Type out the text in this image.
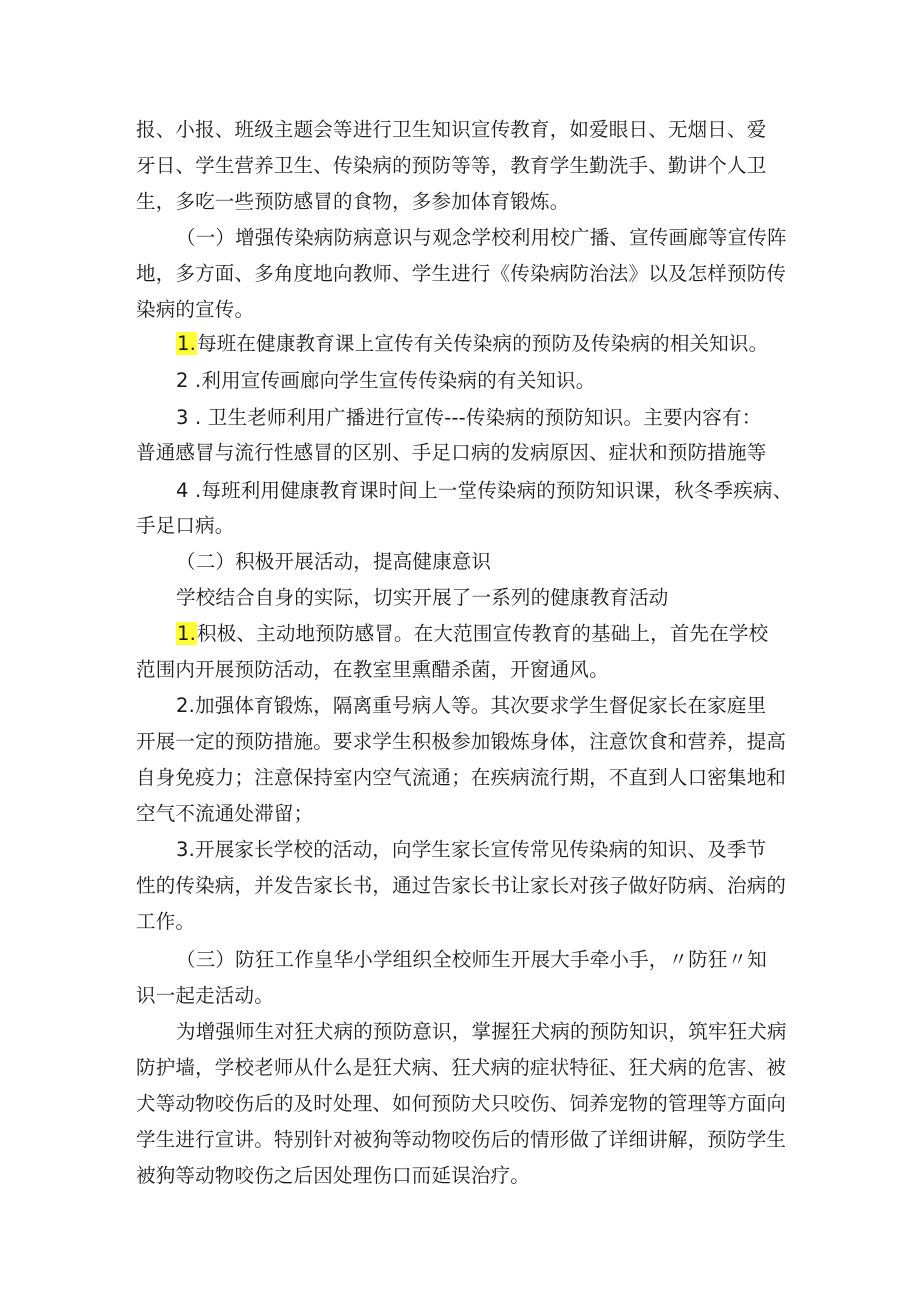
报、小报、班级主题会等进行卫生知识宣传教育，如爱眼日、无烟日、爱
牙日、学生营养卫生、传染病的预防等等，教育学生勤洗手、勤讲个人卫
生，多吃一些预防感冒的食物，多参加体育锻炼。
（一）增强传染病防病意识与观念学校利用校广播、宣传画廊等宣传阵
地，多方面、多角度地向教师、学生进行《传染病防治法》以及怎样预防传
染病的宣传。
1.每班在健康教育课上宣传有关传染病的预防及传染病的相关知识。
2 .利用宣传画廊向学生宣传传染病的有关知识。
3 . 卫生老师利用广播进行宣传---传染病的预防知识。主要内容有：
普通感冒与流行性感冒的区别、手足口病的发病原因、症状和预防措施等
4 .每班利用健康教育课时间上一堂传染病的预防知识课，秋冬季疾病、
手足口病。
（二）积极开展活动，提高健康意识
学校结合自身的实际，切实开展了一系列的健康教育活动
1.积极、主动地预防感冒。在大范围宣传教育的基础上，首先在学校
范围内开展预防活动，在教室里熏醋杀菌，开窗通风。
2.加强体育锻炼，隔离重号病人等。其次要求学生督促家长在家庭里
开展一定的预防措施。要求学生积极参加锻炼身体，注意饮食和营养，提高
自身免疫力；注意保持室内空气流通；在疾病流行期，不直到人口密集地和
空气不流通处滞留；
3.开展家长学校的活动，向学生家长宣传常见传染病的知识、及季节
性的传染病，并发告家长书，通过告家长书让家长对孩子做好防病、治病的
工作。
（三）防狂工作皇华小学组织全校师生开展大手牵小手，〃防狂〃知
识一起走活动。
为增强师生对狂犬病的预防意识，掌握狂犬病的预防知识，筑牢狂犬病
防护墙，学校老师从什么是狂犬病、狂犬病的症状特征、狂犬病的危害、被
犬等动物咬伤后的及时处理、如何预防犬只咬伤、饲养宠物的管理等方面向
学生进行宣讲。特别针对被狗等动物咬伤后的情形做了详细讲解，预防学生
被狗等动物咬伤之后因处理伤口而延误治疗。
